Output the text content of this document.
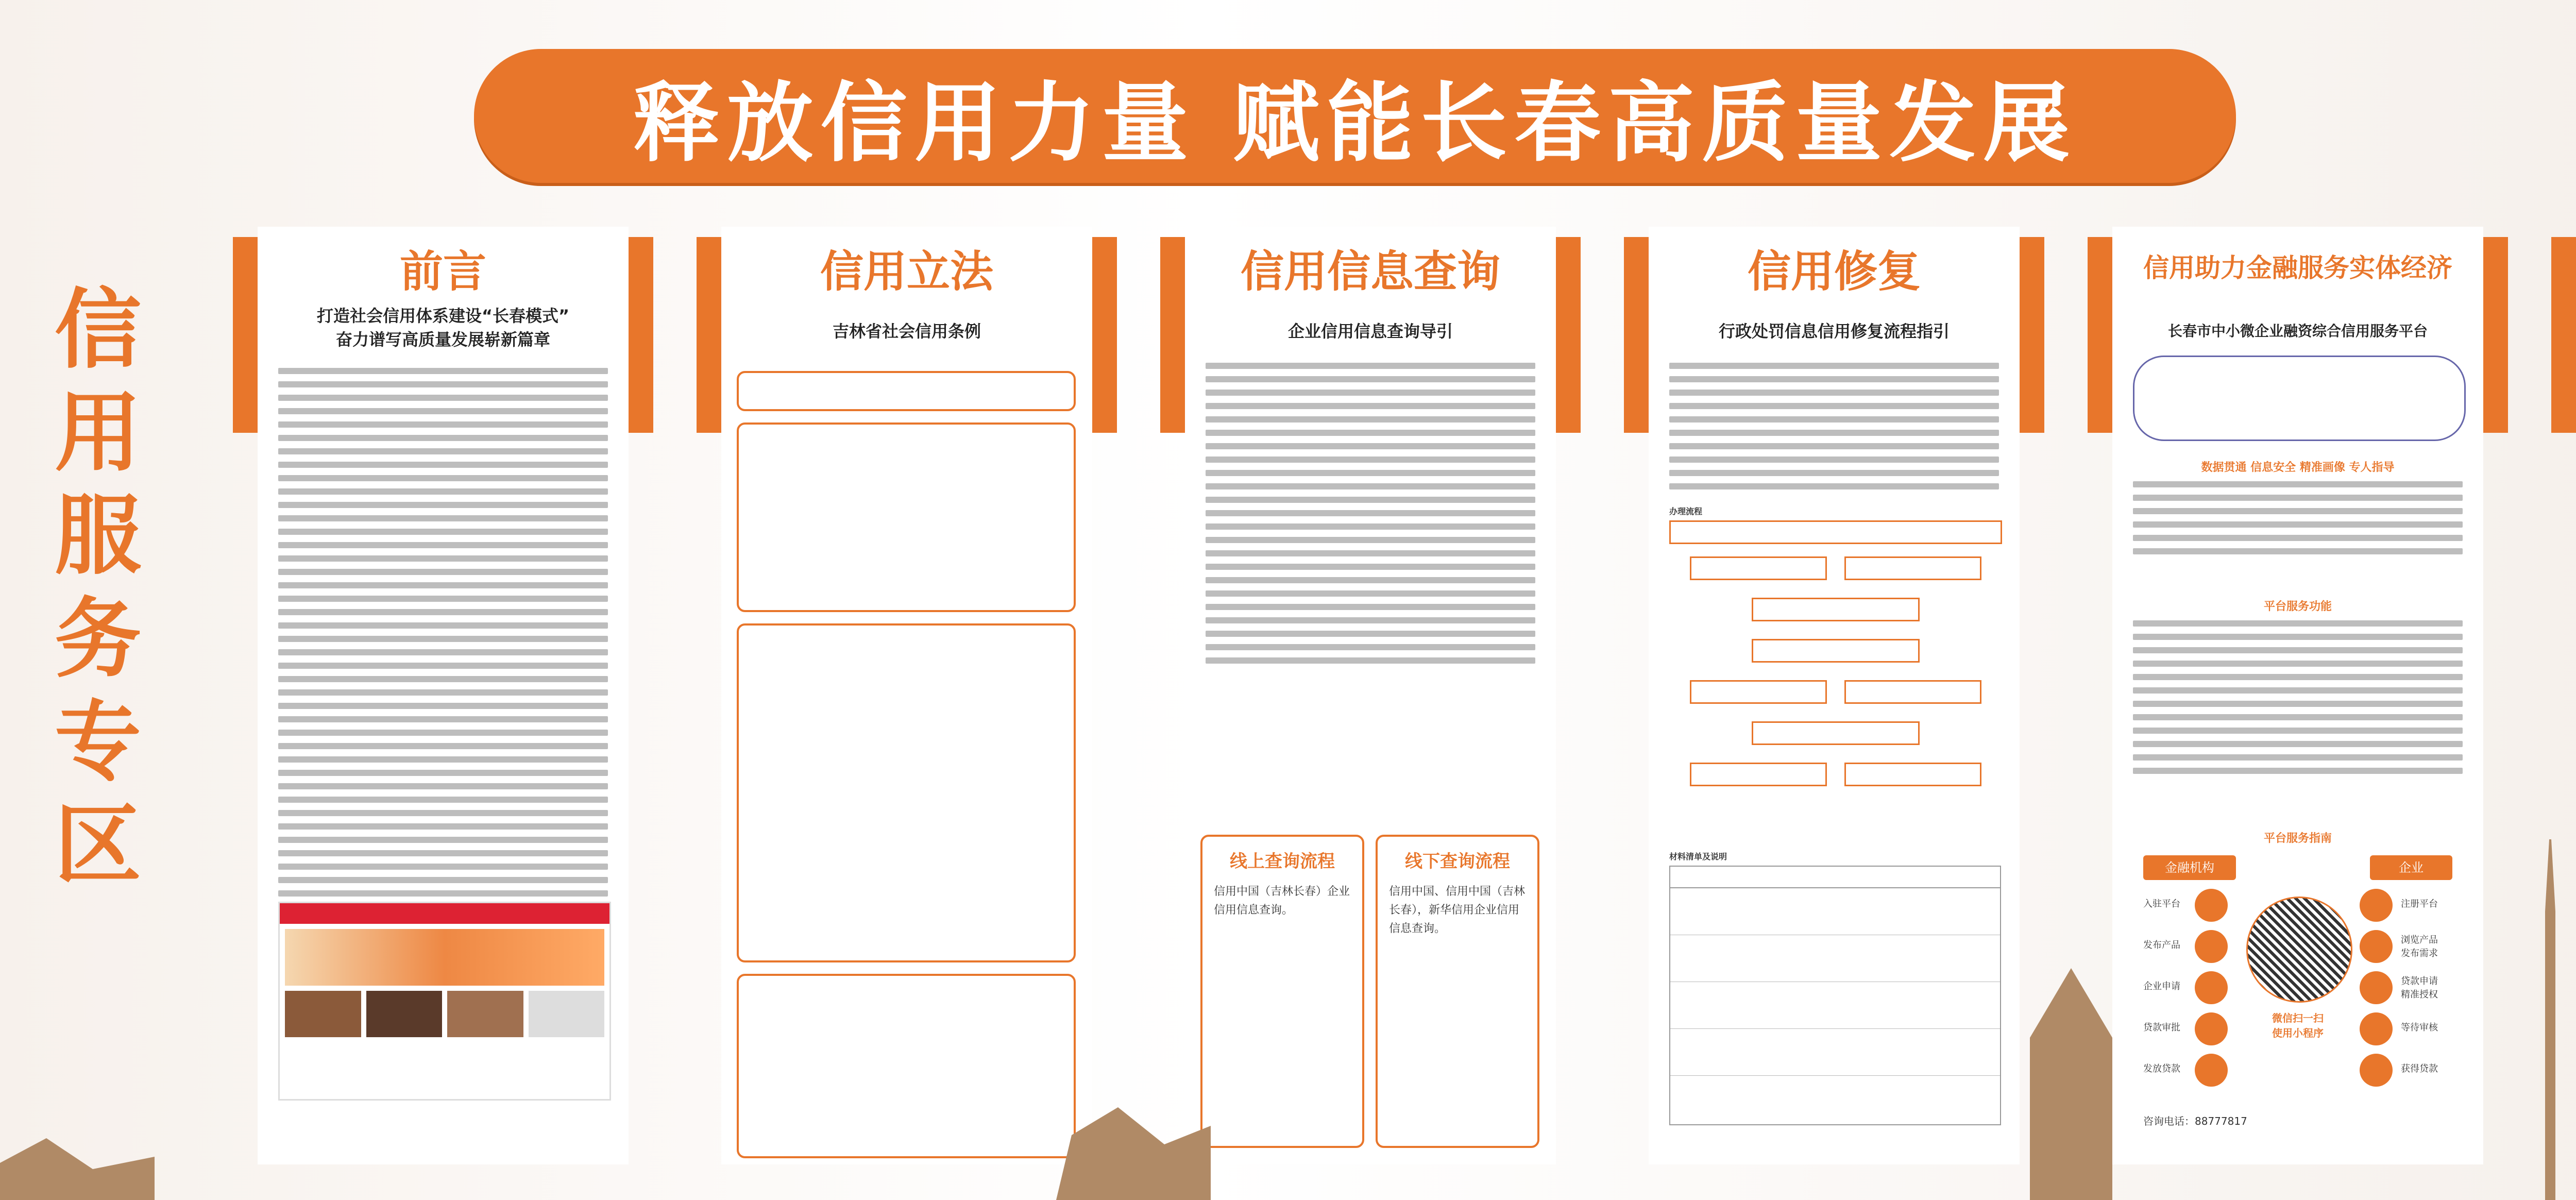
释放信用力量 赋能长春高质量发展
信
用
服
务
专
区
前言
打造社会信用体系建设“长春模式”
奋力谱写高质量发展崭新篇章
信用立法
吉林省社会信用条例
信用信息查询
企业信用信息查询导引
线上查询流程
信用中国（吉林长春）企业信用信息查询。
线下查询流程
信用中国、信用中国（吉林长春），新华信用企业信用信息查询。
信用修复
行政处罚信息信用修复流程指引
办理流程
材料清单及说明
信用助力金融服务实体经济
长春市中小微企业融资综合信用服务平台
数据贯通 信息安全 精准画像 专人指导
平台服务功能
平台服务指南
金融机构	企业
入驻平台
发布产品
企业申请
贷款审批
发放贷款
微信扫一扫
使用小程序
注册平台
浏览产品
发布需求
贷款申请
精准授权
等待审核
获得贷款
咨询电话：88777817
